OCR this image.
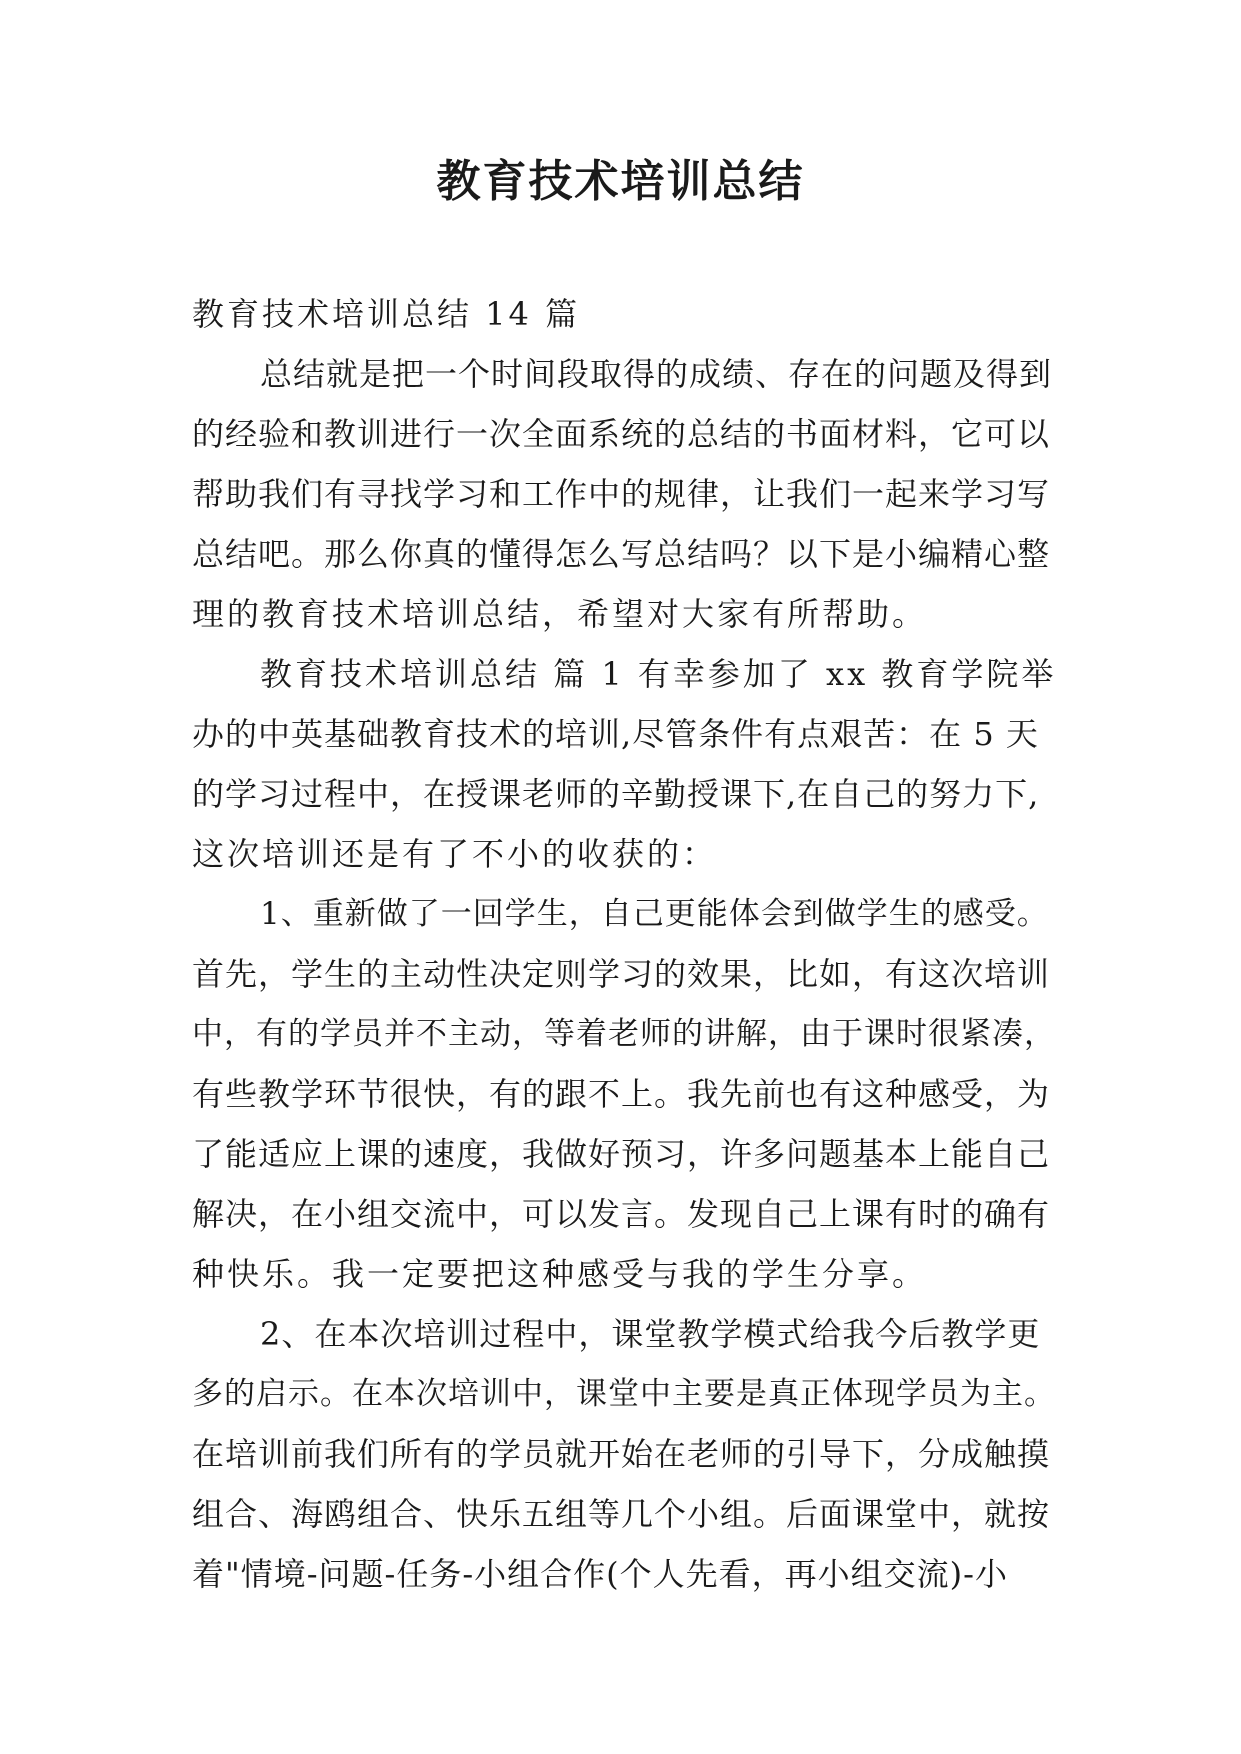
教育技术培训总结
教育技术培训总结 14 篇
总结就是把一个时间段取得的成绩、存在的问题及得到
的经验和教训进行一次全面系统的总结的书面材料，它可以
帮助我们有寻找学习和工作中的规律，让我们一起来学习写
总结吧。那么你真的懂得怎么写总结吗？以下是小编精心整
理的教育技术培训总结，希望对大家有所帮助。
教育技术培训总结 篇 1 有幸参加了 xx 教育学院举
办的中英基础教育技术的培训,尽管条件有点艰苦：在 5 天
的学习过程中，在授课老师的辛勤授课下,在自己的努力下,
这次培训还是有了不小的收获的：
1、重新做了一回学生，自己更能体会到做学生的感受。
首先，学生的主动性决定则学习的效果，比如，有这次培训
中，有的学员并不主动，等着老师的讲解，由于课时很紧凑，
有些教学环节很快，有的跟不上。我先前也有这种感受，为
了能适应上课的速度，我做好预习，许多问题基本上能自己
解决，在小组交流中，可以发言。发现自己上课有时的确有
种快乐。我一定要把这种感受与我的学生分享。
2、在本次培训过程中，课堂教学模式给我今后教学更
多的启示。在本次培训中，课堂中主要是真正体现学员为主。
在培训前我们所有的学员就开始在老师的引导下，分成触摸
组合、海鸥组合、快乐五组等几个小组。后面课堂中，就按
着"情境-问题-任务-小组合作(个人先看，再小组交流)-小
